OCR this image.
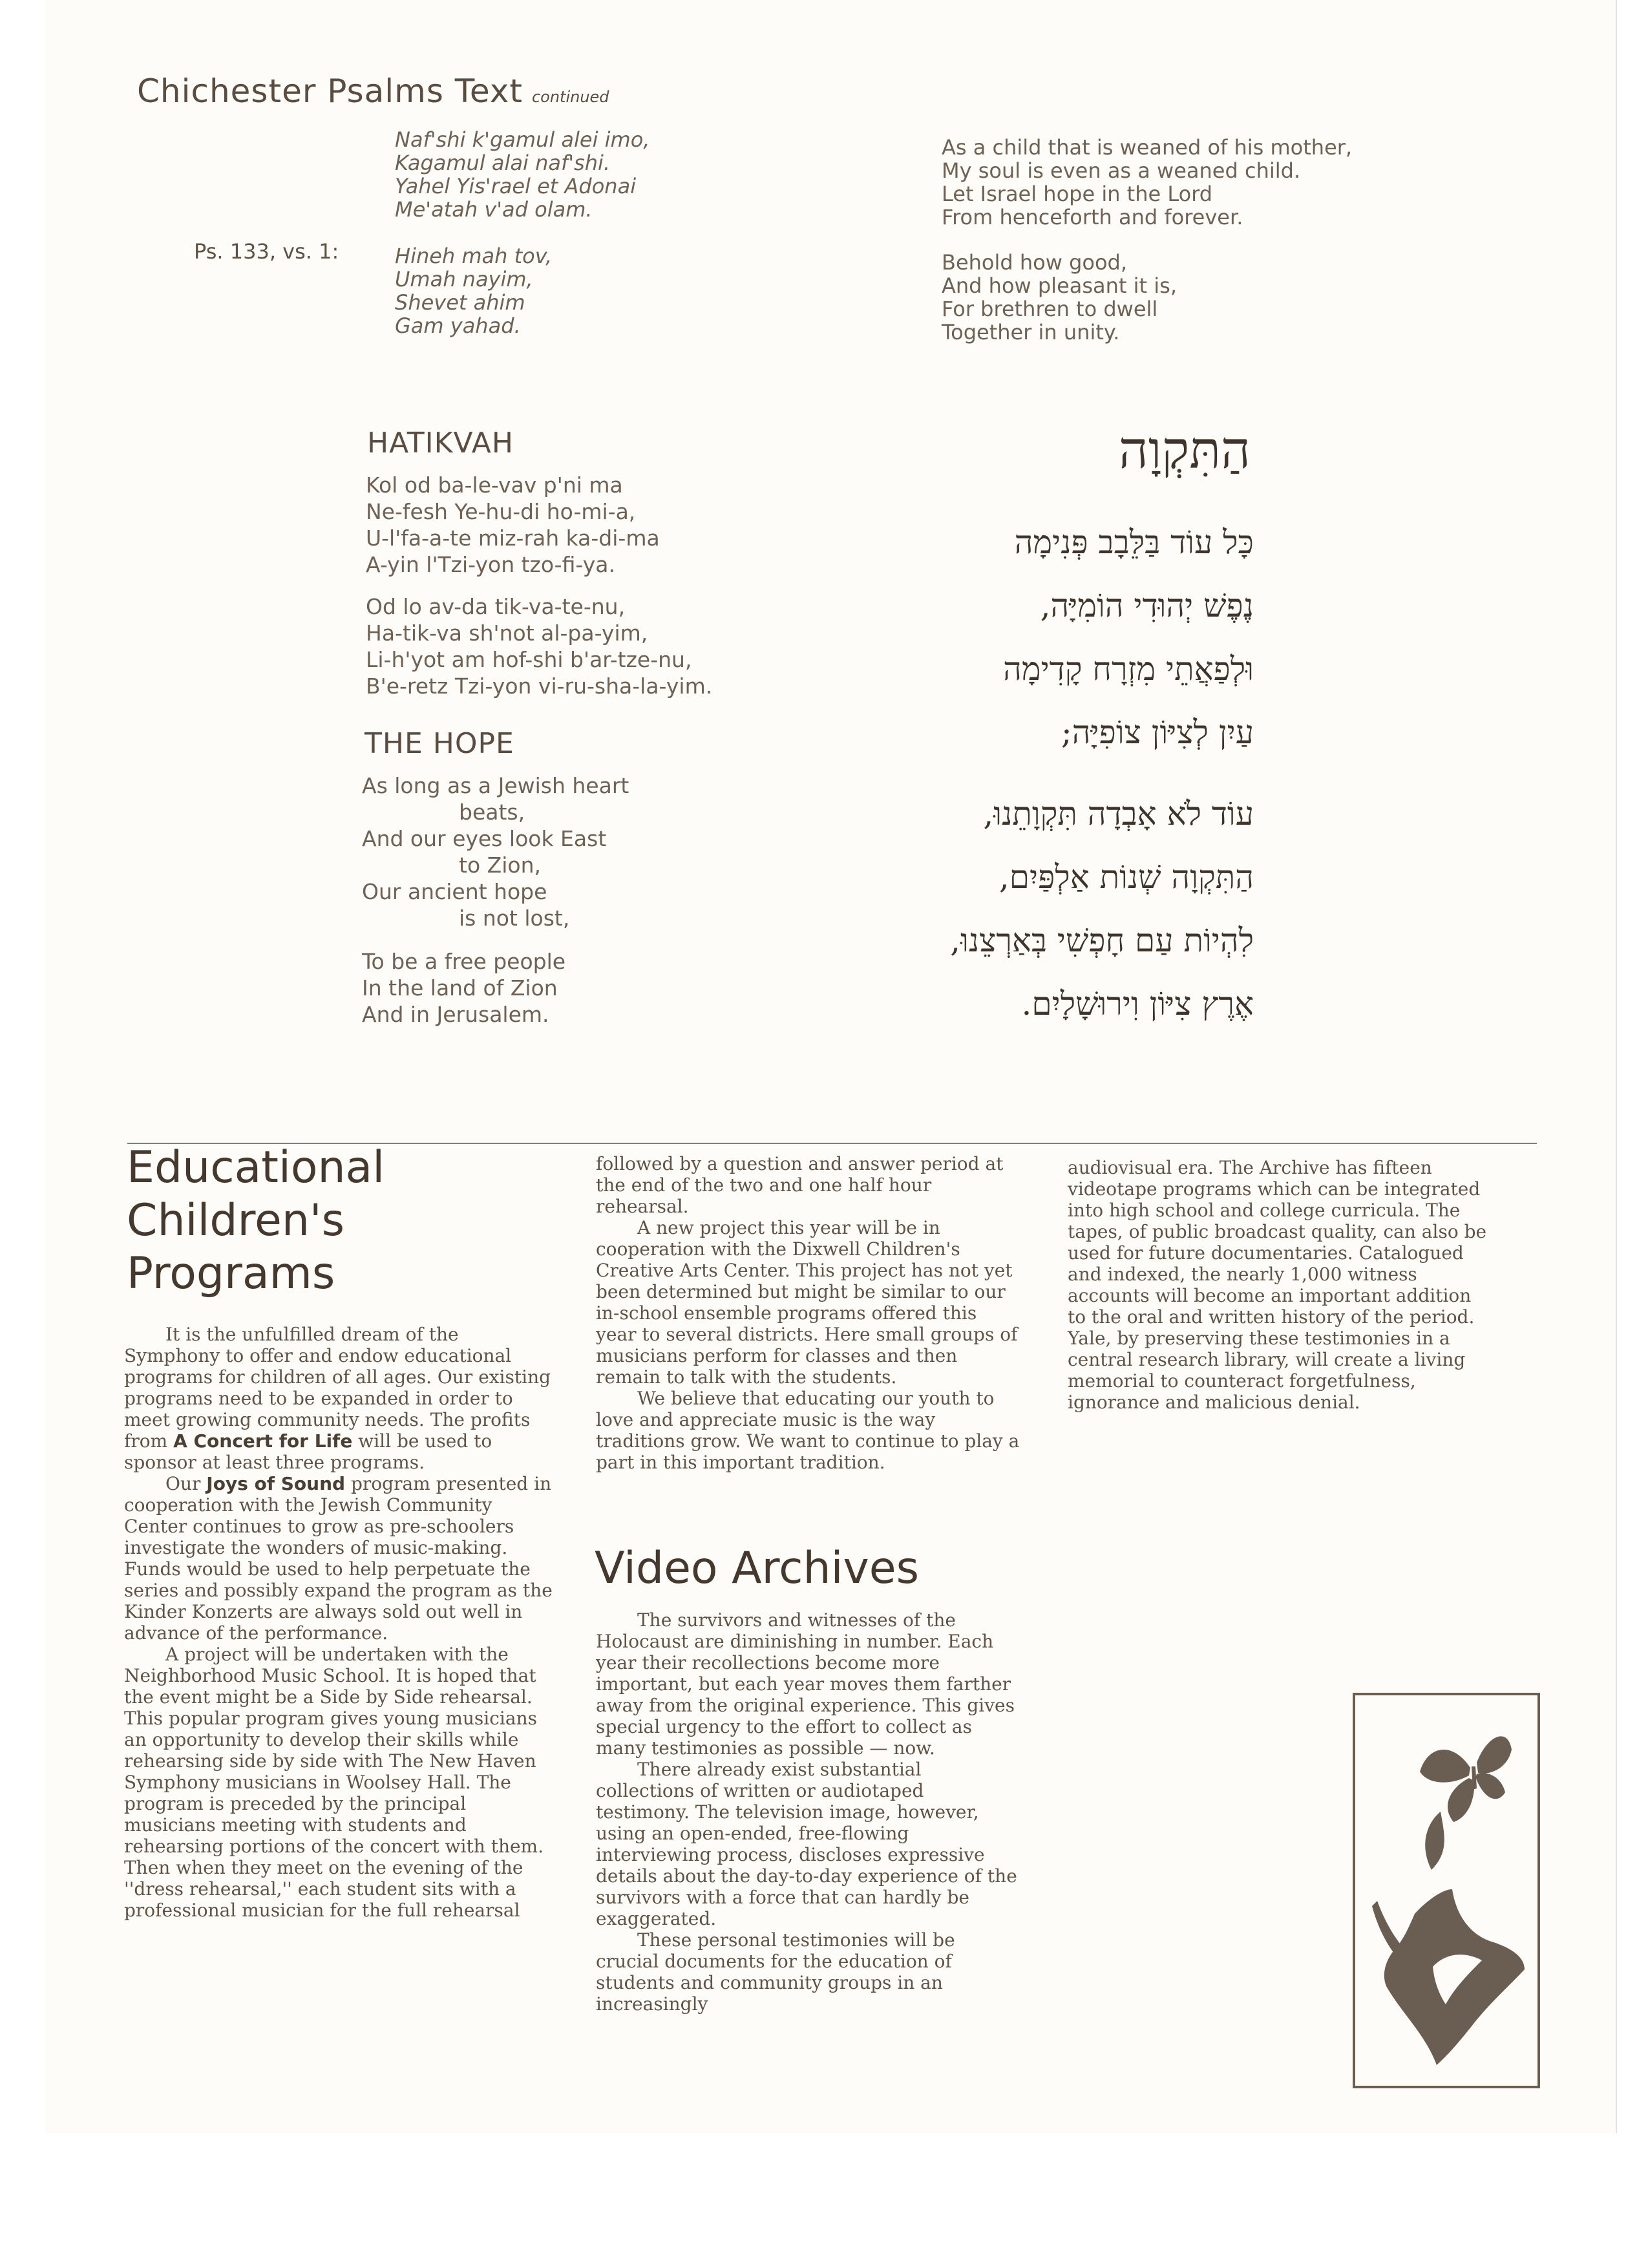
Chichester Psalms Text continued
Naf'shi k'gamul alei imo,
Kagamul alai naf'shi.
Yahel Yis'rael et Adonai
Me'atah v'ad olam.
As a child that is weaned of his mother,
My soul is even as a weaned child.
Let Israel hope in the Lord
From henceforth and forever.
Ps. 133, vs. 1:	Hineh mah tov,
Umah nayim,
Shevet ahim
Gam yahad.
Behold how good,
And how pleasant it is,
For brethren to dwell
Together in unity.
HATIKVAH
Kol od ba-le-vav p'ni ma
Ne-fesh Ye-hu-di ho-mi-a,
U-l'fa-a-te miz-rah ka-di-ma
A-yin l'Tzi-yon tzo-fi-ya.
Od lo av-da tik-va-te-nu,
Ha-tik-va sh'not al-pa-yim,
Li-h'yot am hof-shi b'ar-tze-nu,
B'e-retz Tzi-yon vi-ru-sha-la-yim.
THE HOPE
As long as a Jewish heart
beats,
And our eyes look East
to Zion,
Our ancient hope
is not lost,
To be a free people
In the land of Zion
And in Jerusalem.
הַתִּקְוָה
כָּל עוֹד בַּלֵּבָב פְּנִימָה
נֶפֶשׁ יְהוּדִי הוֹמִיָּה,
וּלְפַאֲתֵי מִזְרָח קָדִימָה
עַיִן לְצִיּוֹן צוֹפִיָּה;
עוֹד לֹא אָבְדָה תִּקְוָתֵנוּ,
הַתִּקְוָה שְׁנוֹת אַלְפַּיִם,
לִהְיוֹת עַם חָפְשִׁי בְּאַרְצֵנוּ,
אֶרֶץ צִיּוֹן וִירוּשָׁלָיִם.
Educational
Children's
Programs

It is the unfulfilled dream of the Symphony to offer and endow educational programs for children of all ages. Our existing programs need to be expanded in order to meet growing community needs. The profits from A Concert for Life will be used to sponsor at least three programs.

Our Joys of Sound program presented in cooperation with the Jewish Community Center continues to grow as pre-schoolers investigate the wonders of music-making. Funds would be used to help perpetuate the series and possibly expand the program as the Kinder Konzerts are always sold out well in advance of the performance.

A project will be undertaken with the Neighborhood Music School. It is hoped that the event might be a Side by Side rehearsal. This popular program gives young musicians an opportunity to develop their skills while rehearsing side by side with The New Haven Symphony musicians in Woolsey Hall. The program is preceded by the principal musicians meeting with students and rehearsing portions of the concert with them. Then when they meet on the evening of the ''dress rehearsal,'' each student sits with a professional musician for the full rehearsal

followed by a question and answer period at the end of the two and one half hour rehearsal.

A new project this year will be in cooperation with the Dixwell Children's Creative Arts Center. This project has not yet been determined but might be similar to our in-school ensemble programs offered this year to several districts. Here small groups of musicians perform for classes and then remain to talk with the students.

We believe that educating our youth to love and appreciate music is the way traditions grow. We want to continue to play a part in this important tradition.

Video Archives

The survivors and witnesses of the Holocaust are diminishing in number. Each year their recollections become more important, but each year moves them farther away from the original experience. This gives special urgency to the effort to collect as many testimonies as possible — now.

There already exist substantial collections of written or audiotaped testimony. The television image, however, using an open-ended, free-flowing interviewing process, discloses expressive details about the day-to-day experience of the survivors with a force that can hardly be exaggerated.

These personal testimonies will be crucial documents for the education of students and community groups in an increasingly

audiovisual era. The Archive has fifteen videotape programs which can be integrated into high school and college curricula. The tapes, of public broadcast quality, can also be used for future documentaries. Catalogued and indexed, the nearly 1,000 witness accounts will become an important addition to the oral and written history of the period. Yale, by preserving these testimonies in a central research library, will create a living memorial to counteract forgetfulness, ignorance and malicious denial.
